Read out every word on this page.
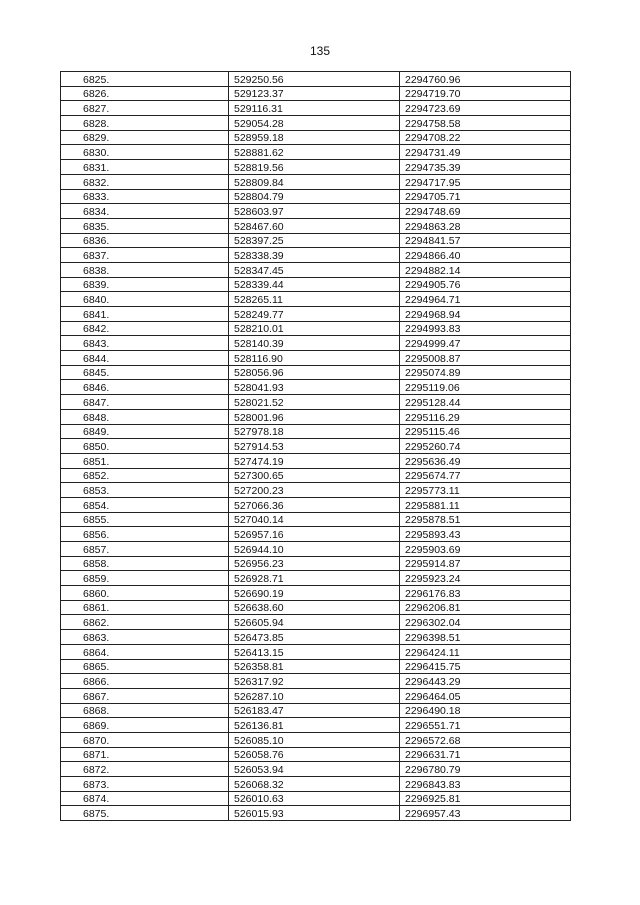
135
6825.	529250.56	2294760.96
6826.	529123.37	2294719.70
6827.	529116.31	2294723.69
6828.	529054.28	2294758.58
6829.	528959.18	2294708.22
6830.	528881.62	2294731.49
6831.	528819.56	2294735.39
6832.	528809.84	2294717.95
6833.	528804.79	2294705.71
6834.	528603.97	2294748.69
6835.	528467.60	2294863.28
6836.	528397.25	2294841.57
6837.	528338.39	2294866.40
6838.	528347.45	2294882.14
6839.	528339.44	2294905.76
6840.	528265.11	2294964.71
6841.	528249.77	2294968.94
6842.	528210.01	2294993.83
6843.	528140.39	2294999.47
6844.	528116.90	2295008.87
6845.	528056.96	2295074.89
6846.	528041.93	2295119.06
6847.	528021.52	2295128.44
6848.	528001.96	2295116.29
6849.	527978.18	2295115.46
6850.	527914.53	2295260.74
6851.	527474.19	2295636.49
6852.	527300.65	2295674.77
6853.	527200.23	2295773.11
6854.	527066.36	2295881.11
6855.	527040.14	2295878.51
6856.	526957.16	2295893.43
6857.	526944.10	2295903.69
6858.	526956.23	2295914.87
6859.	526928.71	2295923.24
6860.	526690.19	2296176.83
6861.	526638.60	2296206.81
6862.	526605.94	2296302.04
6863.	526473.85	2296398.51
6864.	526413.15	2296424.11
6865.	526358.81	2296415.75
6866.	526317.92	2296443.29
6867.	526287.10	2296464.05
6868.	526183.47	2296490.18
6869.	526136.81	2296551.71
6870.	526085.10	2296572.68
6871.	526058.76	2296631.71
6872.	526053.94	2296780.79
6873.	526068.32	2296843.83
6874.	526010.63	2296925.81
6875.	526015.93	2296957.43
